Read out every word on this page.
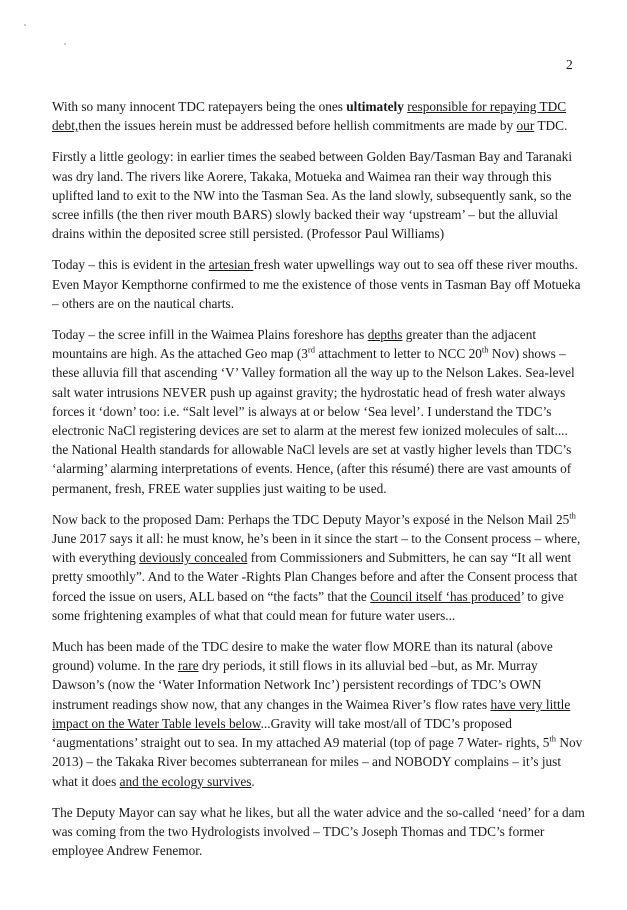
2

With so many innocent TDC ratepayers being the ones ultimately responsible for repaying TDC debt,then the issues herein must be addressed before hellish commitments are made by our TDC.

Firstly a little geology: in earlier times the seabed between Golden Bay/Tasman Bay and Taranaki was dry land. The rivers like Aorere, Takaka, Motueka and Waimea ran their way through this uplifted land to exit to the NW into the Tasman Sea. As the land slowly, subsequently sank, so the scree infills (the then river mouth BARS) slowly backed their way ‘upstream’ – but the alluvial drains within the deposited scree still persisted. (Professor Paul Williams)

Today – this is evident in the artesian fresh water upwellings way out to sea off these river mouths. Even Mayor Kempthorne confirmed to me the existence of those vents in Tasman Bay off Motueka – others are on the nautical charts.

Today – the scree infill in the Waimea Plains foreshore has depths greater than the adjacent mountains are high. As the attached Geo map (3rd attachment to letter to NCC 20th Nov) shows – these alluvia fill that ascending ‘V’ Valley formation all the way up to the Nelson Lakes. Sea-level salt water intrusions NEVER push up against gravity; the hydrostatic head of fresh water always forces it ‘down’ too: i.e. “Salt level” is always at or below ‘Sea level’. I understand the TDC’s electronic NaCl registering devices are set to alarm at the merest few ionized molecules of salt.... the National Health standards for allowable NaCl levels are set at vastly higher levels than TDC’s ‘alarming’ alarming interpretations of events. Hence, (after this résumé) there are vast amounts of permanent, fresh, FREE water supplies just waiting to be used.

Now back to the proposed Dam: Perhaps the TDC Deputy Mayor’s exposé in the Nelson Mail 25th June 2017 says it all: he must know, he’s been in it since the start – to the Consent process – where, with everything deviously concealed from Commissioners and Submitters, he can say “It all went pretty smoothly”. And to the Water -Rights Plan Changes before and after the Consent process that forced the issue on users, ALL based on “the facts” that the Council itself ‘has produced’ to give some frightening examples of what that could mean for future water users...

Much has been made of the TDC desire to make the water flow MORE than its natural (above ground) volume. In the rare dry periods, it still flows in its alluvial bed –but, as Mr. Murray Dawson’s (now the ‘Water Information Network Inc’) persistent recordings of TDC’s OWN instrument readings show now, that any changes in the Waimea River’s flow rates have very little impact on the Water Table levels below...Gravity will take most/all of TDC’s proposed ‘augmentations’ straight out to sea. In my attached A9 material (top of page 7 Water- rights, 5th Nov 2013) – the Takaka River becomes subterranean for miles – and NOBODY complains – it’s just what it does and the ecology survives.

The Deputy Mayor can say what he likes, but all the water advice and the so-called ‘need’ for a dam was coming from the two Hydrologists involved – TDC’s Joseph Thomas and TDC’s former employee Andrew Fenemor.
